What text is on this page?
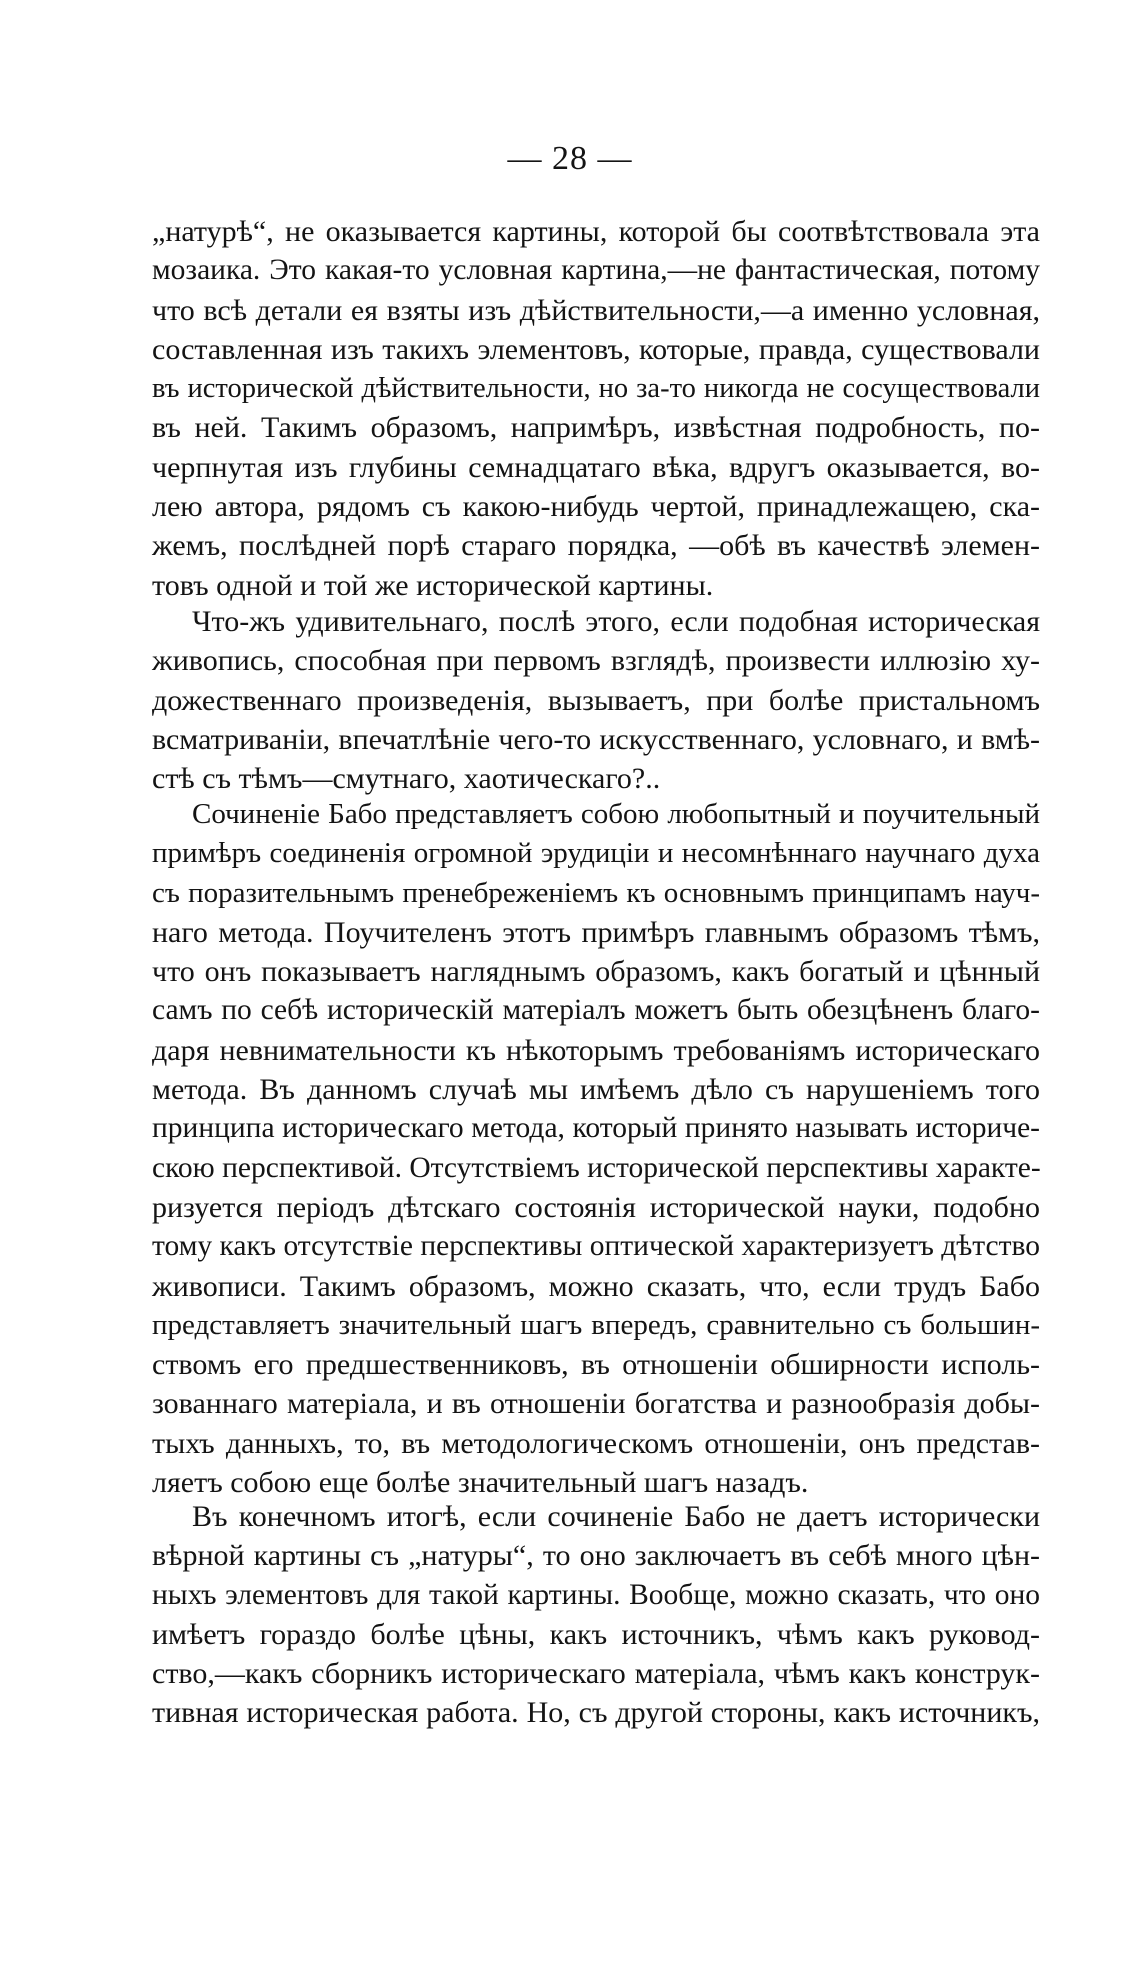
— 28 —
„натурѣ“, не оказывается картины, которой бы соотвѣтствовала эта
мозаика. Это какая-то условная картина,—не фантастическая, потому
что всѣ детали ея взяты изъ дѣйствительности,—а именно условная,
составленная изъ такихъ элементовъ, которые, правда, существовали
въ исторической дѣйствительности, но за-то никогда не сосуществовали
въ ней. Такимъ образомъ, напримѣръ, извѣстная подробность, по-
черпнутая изъ глубины семнадцатаго вѣка, вдругъ оказывается, во-
лею автора, рядомъ съ какою-нибудь чертой, принадлежащею, ска-
жемъ, послѣдней порѣ стараго порядка, —обѣ въ качествѣ элемен-
товъ одной и той же исторической картины.
Что-жъ удивительнаго, послѣ этого, если подобная историческая
живопись, способная при первомъ взглядѣ, произвести иллюзію ху-
дожественнаго произведенія, вызываетъ, при болѣе пристальномъ
всматриваніи, впечатлѣніе чего-то искусственнаго, условнаго, и вмѣ-
стѣ съ тѣмъ—смутнаго, хаотическаго?..
Сочиненіе Бабо представляетъ собою любопытный и поучительный
примѣръ соединенія огромной эрудиціи и несомнѣннаго научнаго духа
съ поразительнымъ пренебреженіемъ къ основнымъ принципамъ науч-
наго метода. Поучителенъ этотъ примѣръ главнымъ образомъ тѣмъ,
что онъ показываетъ нагляднымъ образомъ, какъ богатый и цѣнный
самъ по себѣ историческій матеріалъ можетъ быть обезцѣненъ благо-
даря невнимательности къ нѣкоторымъ требованіямъ историческаго
метода. Въ данномъ случаѣ мы имѣемъ дѣло съ нарушеніемъ того
принципа историческаго метода, который принято называть историче-
скою перспективой. Отсутствіемъ исторической перспективы характе-
ризуется періодъ дѣтскаго состоянія исторической науки, подобно
тому какъ отсутствіе перспективы оптической характеризуетъ дѣтство
живописи. Такимъ образомъ, можно сказать, что, если трудъ Бабо
представляетъ значительный шагъ впередъ, сравнительно съ большин-
ствомъ его предшественниковъ, въ отношеніи обширности исполь-
зованнаго матеріала, и въ отношеніи богатства и разнообразія добы-
тыхъ данныхъ, то, въ методологическомъ отношеніи, онъ представ-
ляетъ собою еще болѣе значительный шагъ назадъ.
Въ конечномъ итогѣ, если сочиненіе Бабо не даетъ исторически
вѣрной картины съ „натуры“, то оно заключаетъ въ себѣ много цѣн-
ныхъ элементовъ для такой картины. Вообще, можно сказать, что оно
имѣетъ гораздо болѣе цѣны, какъ источникъ, чѣмъ какъ руковод-
ство,—какъ сборникъ историческаго матеріала, чѣмъ какъ конструк-
тивная историческая работа. Но, съ другой стороны, какъ источникъ,
